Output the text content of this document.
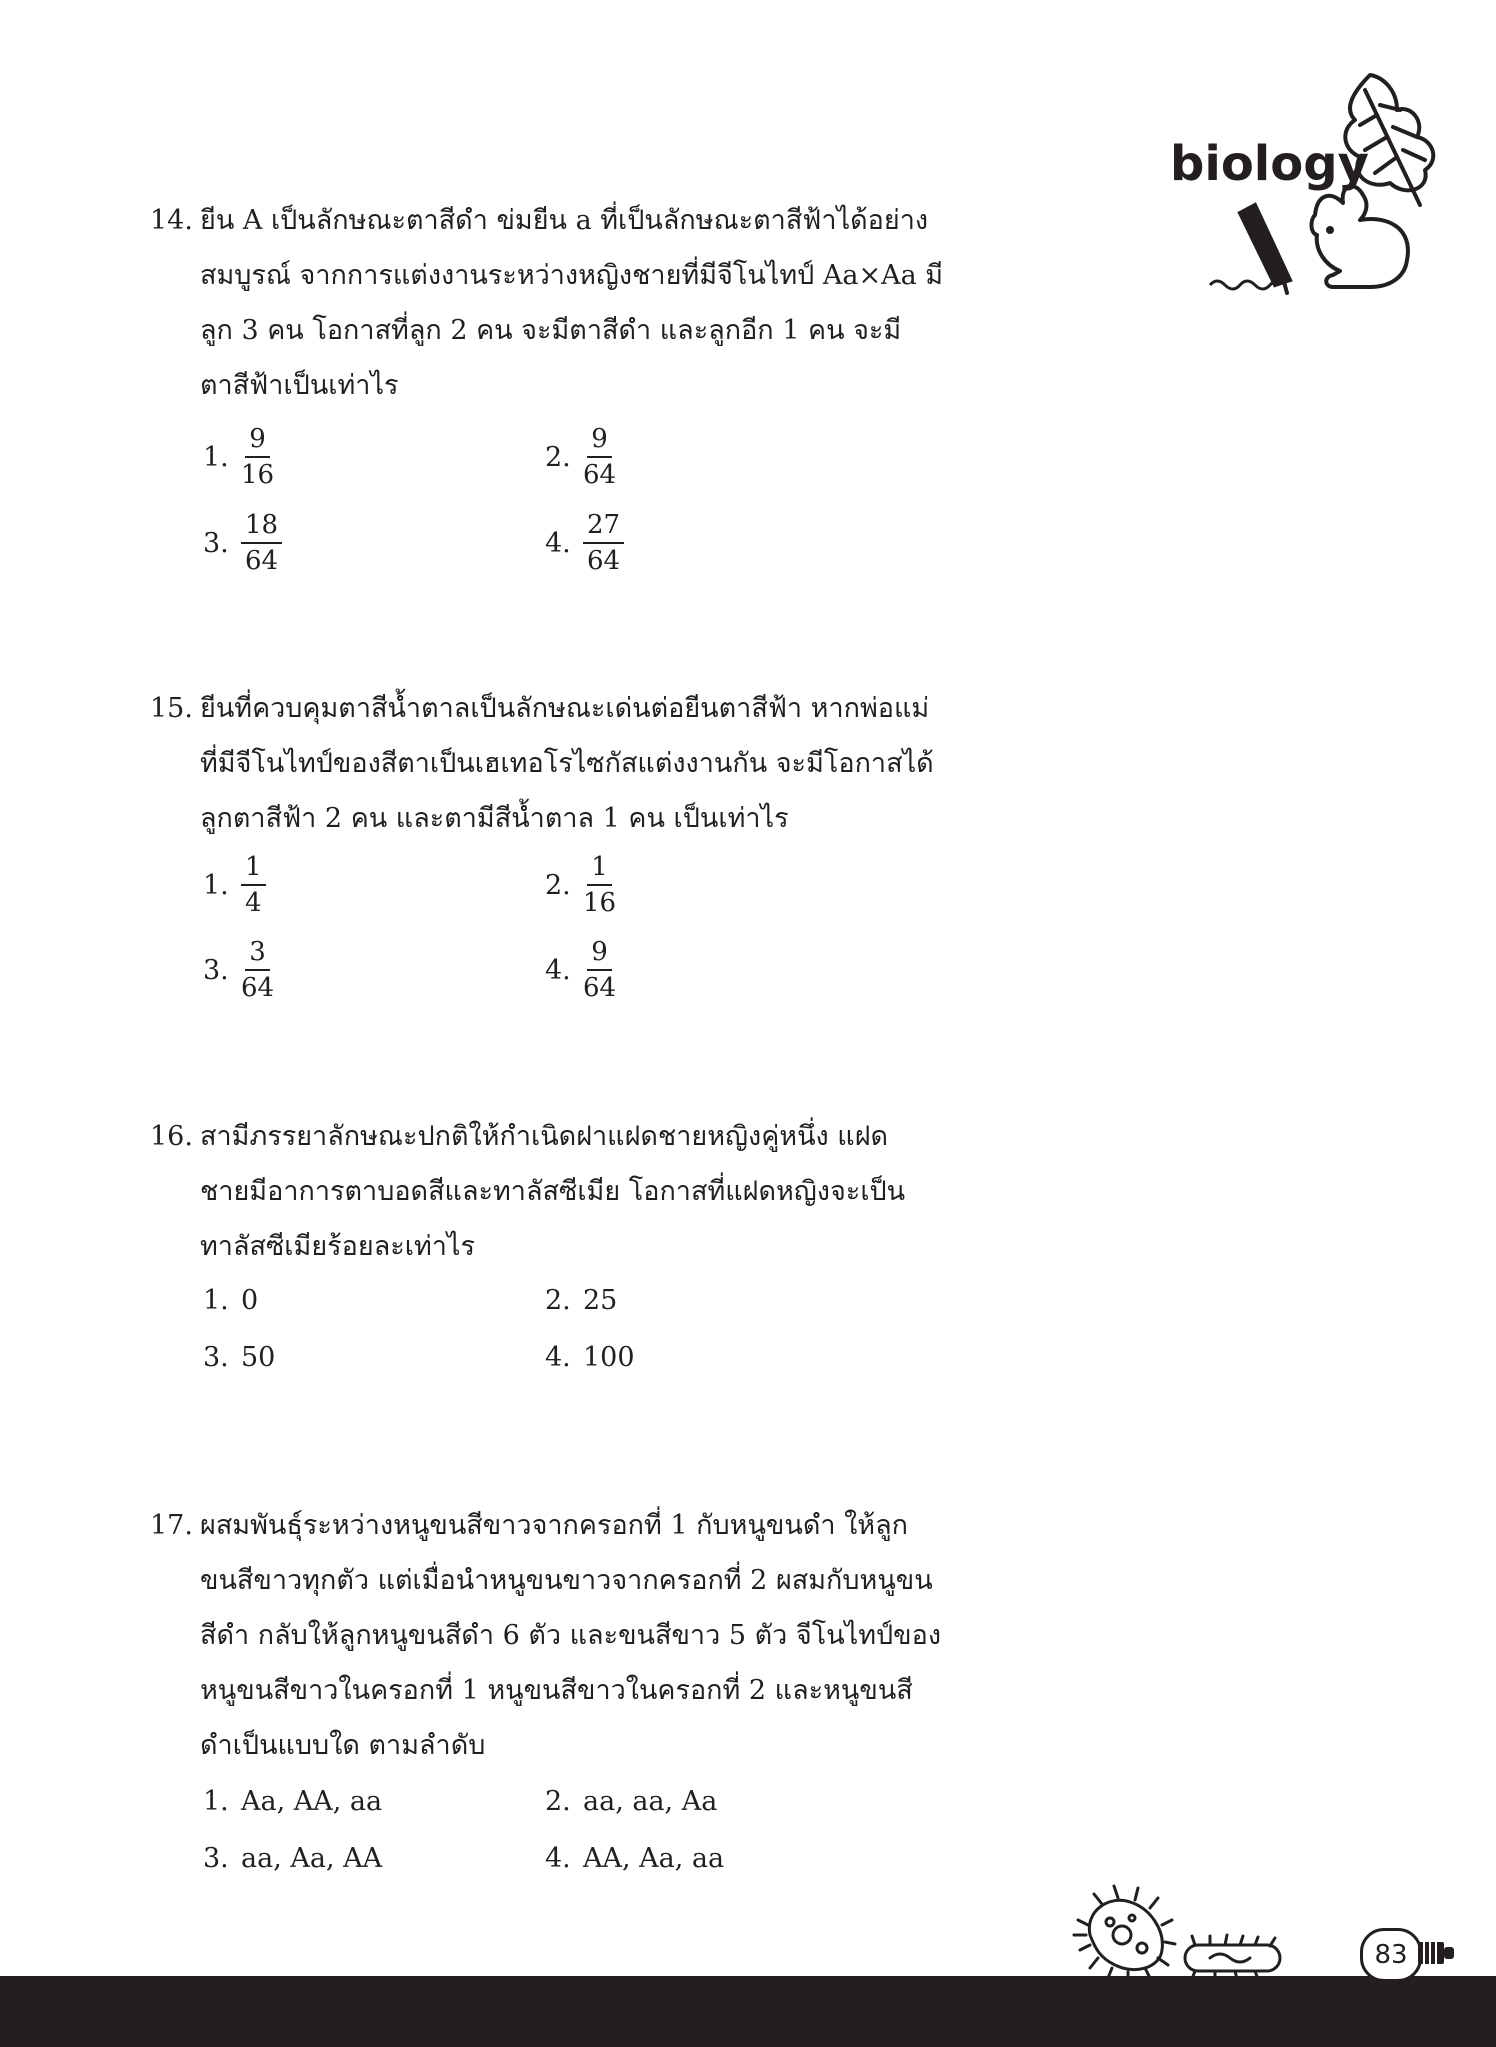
biology
14. ยีน A เป็นลักษณะตาสีดำ ข่มยีน a ที่เป็นลักษณะตาสีฟ้าได้อย่าง

สมบูรณ์ จากการแต่งงานระหว่างหญิงชายที่มีจีโนไทป์ Aa×Aa มี

ลูก 3 คน โอกาสที่ลูก 2 คน จะมีตาสีดำ และลูกอีก 1 คน จะมี

ตาสีฟ้าเป็นเท่าไร

1. $\frac{9}{16}$	2. $\frac{9}{64}$
3. $\frac{18}{64}$	4. $\frac{27}{64}$
15. ยีนที่ควบคุมตาสีน้ำตาลเป็นลักษณะเด่นต่อยีนตาสีฟ้า หากพ่อแม่

ที่มีจีโนไทป์ของสีตาเป็นเฮเทอโรไซกัสแต่งงานกัน จะมีโอกาสได้

ลูกตาสีฟ้า 2 คน และตามีสีน้ำตาล 1 คน เป็นเท่าไร

1. $\frac{1}{4}$	2. $\frac{1}{16}$
3. $\frac{3}{64}$	4. $\frac{9}{64}$
16. สามีภรรยาลักษณะปกติให้กำเนิดฝาแฝดชายหญิงคู่หนึ่ง แฝด

ชายมีอาการตาบอดสีและทาลัสซีเมีย โอกาสที่แฝดหญิงจะเป็น

ทาลัสซีเมียร้อยละเท่าไร

1. 0	2. 25
3. 50	4. 100
17. ผสมพันธุ์ระหว่างหนูขนสีขาวจากครอกที่ 1 กับหนูขนดำ ให้ลูก

ขนสีขาวทุกตัว แต่เมื่อนำหนูขนขาวจากครอกที่ 2 ผสมกับหนูขน

สีดำ กลับให้ลูกหนูขนสีดำ 6 ตัว และขนสีขาว 5 ตัว จีโนไทป์ของ

หนูขนสีขาวในครอกที่ 1 หนูขนสีขาวในครอกที่ 2 และหนูขนสี

ดำเป็นแบบใด ตามลำดับ

1. Aa, AA, aa	2. aa, aa, Aa
3. aa, Aa, AA	4. AA, Aa, aa
83
